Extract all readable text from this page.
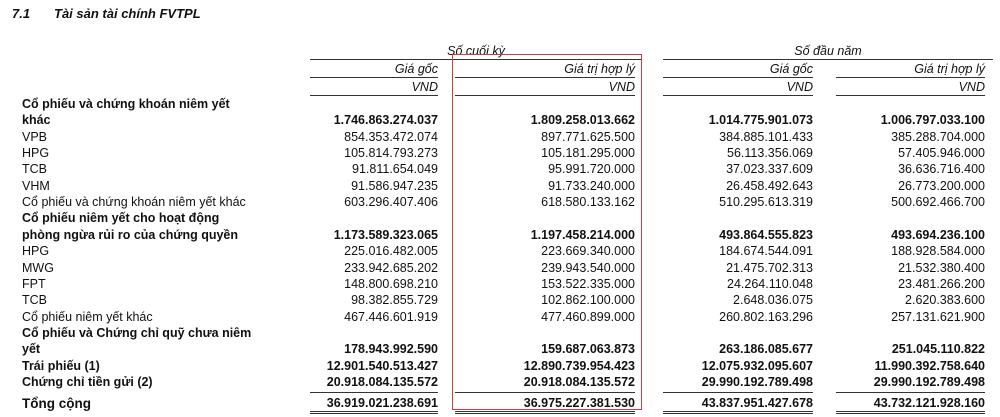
7.1 Tài sản tài chính FVTPL
Số cuối kỳ	Số đầu năm
Giá gốc	Giá trị hợp lý	Giá gốc	Giá trị hợp lý
VND	VND	VND	VND
Cổ phiếu và chứng khoán niêm yết
khác	1.746.863.274.037	1.809.258.013.662	1.014.775.901.073	1.006.797.033.100
VPB	854.353.472.074	897.771.625.500	384.885.101.433	385.288.704.000
HPG	105.814.793.273	105.181.295.000	56.113.356.069	57.405.946.000
TCB	91.811.654.049	95.991.720.000	37.023.337.609	36.636.716.400
VHM	91.586.947.235	91.733.240.000	26.458.492.643	26.773.200.000
Cổ phiếu và chứng khoán niêm yết khác	603.296.407.406	618.580.133.162	510.295.613.319	500.692.466.700
Cổ phiếu niêm yết cho hoạt động
phòng ngừa rủi ro của chứng quyền	1.173.589.323.065	1.197.458.214.000	493.864.555.823	493.694.236.100
HPG	225.016.482.005	223.669.340.000	184.674.544.091	188.928.584.000
MWG	233.942.685.202	239.943.540.000	21.475.702.313	21.532.380.400
FPT	148.800.698.210	153.522.335.000	24.264.110.048	23.481.266.200
TCB	98.382.855.729	102.862.100.000	2.648.036.075	2.620.383.600
Cổ phiếu niêm yết khác	467.446.601.919	477.460.899.000	260.802.163.296	257.131.621.900
Cổ phiếu và Chứng chỉ quỹ chưa niêm
yết	178.943.992.590	159.687.063.873	263.186.085.677	251.045.110.822
Trái phiếu (1)	12.901.540.513.427	12.890.739.954.423	12.075.932.095.607	11.990.392.758.640
Chứng chỉ tiền gửi (2)	20.918.084.135.572	20.918.084.135.572	29.990.192.789.498	29.990.192.789.498
Tổng cộng	36.919.021.238.691	36.975.227.381.530	43.837.951.427.678	43.732.121.928.160
